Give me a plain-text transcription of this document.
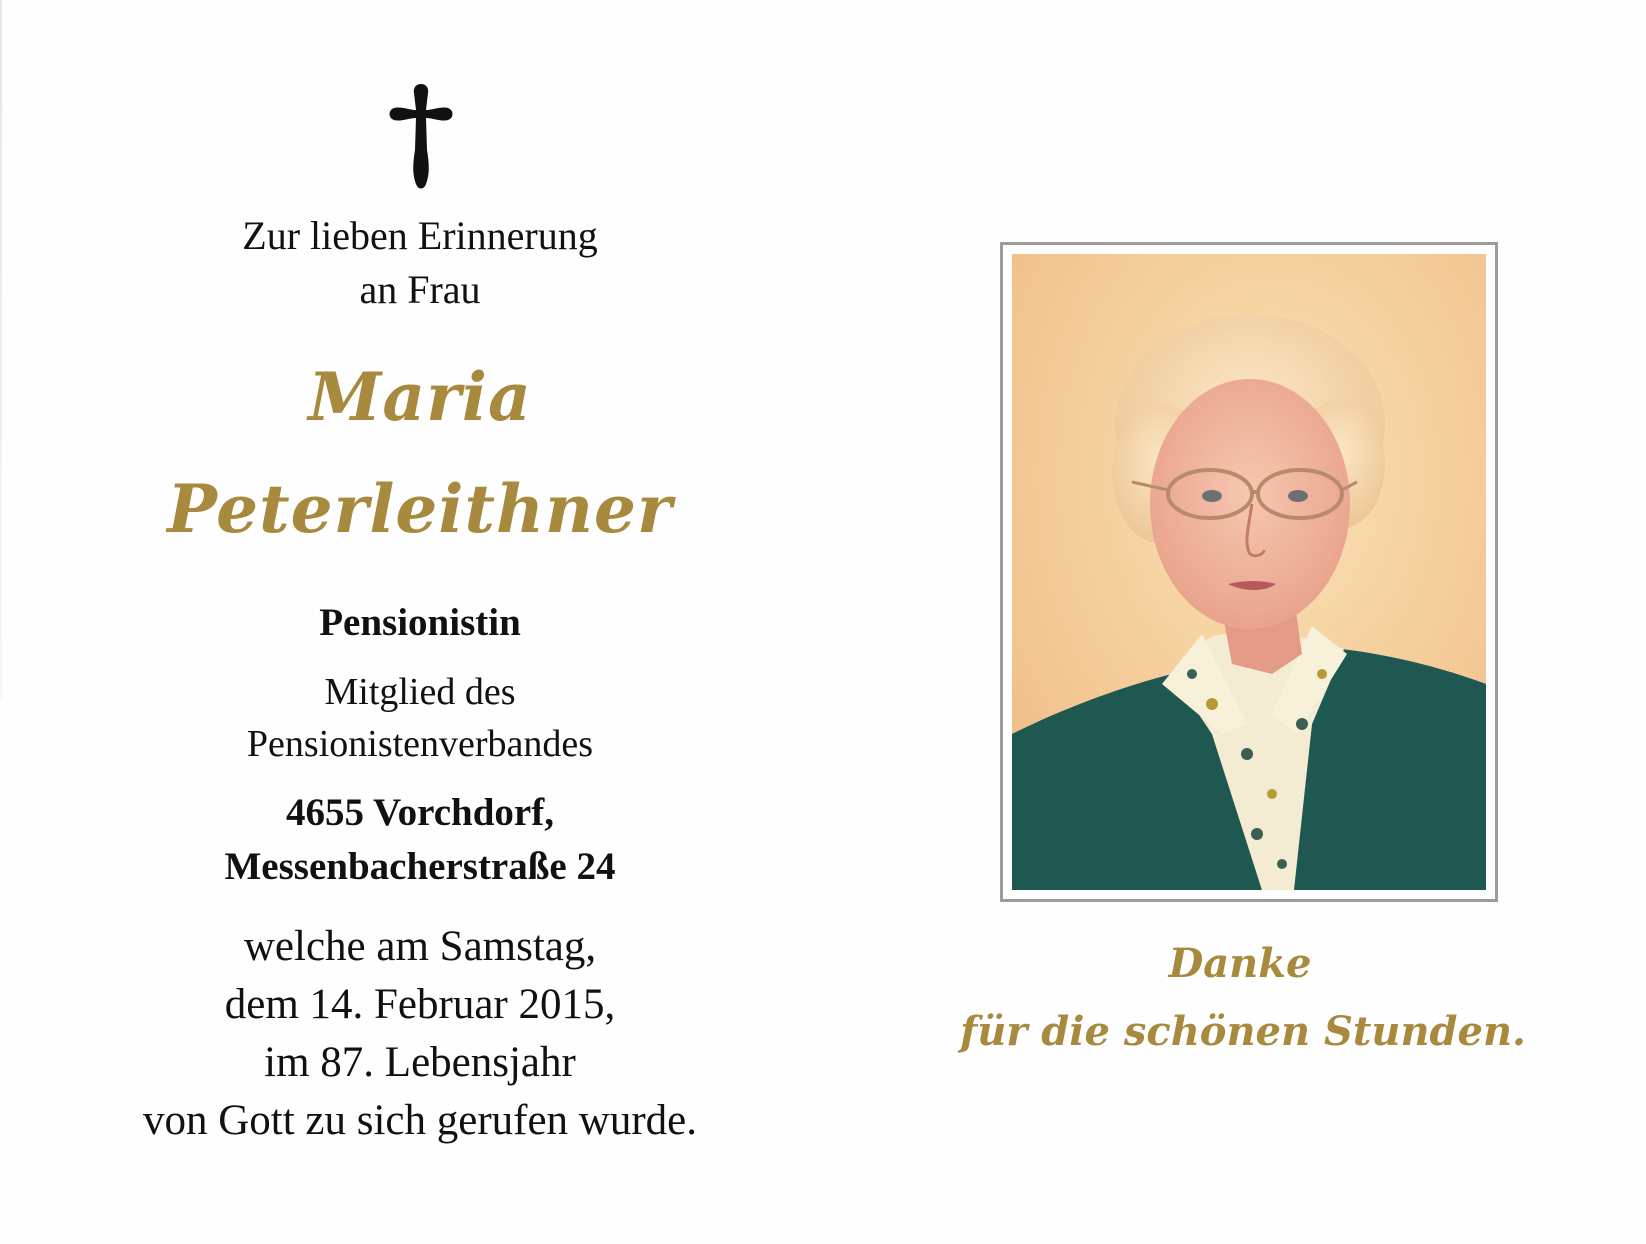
Zur lieben Erinnerung
an Frau
Maria
Peterleithner
Pensionistin
Mitglied des
Pensionistenverbandes
4655 Vorchdorf,
Messenbacherstraße 24
welche am Samstag,
dem 14. Februar 2015,
im 87. Lebensjahr
von Gott zu sich gerufen wurde.
Danke
für die schönen Stunden.
